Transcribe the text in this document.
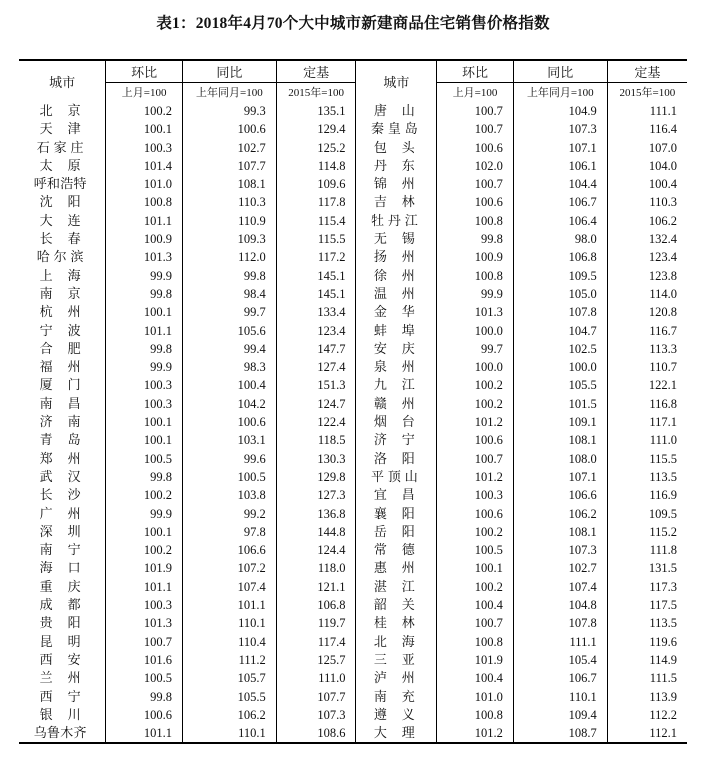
表1：2018年4月70个大中城市新建商品住宅销售价格指数
城市	环比	同比	定基	城市	环比	同比	定基
	上月=100	上年同月=100	2015年=100		上月=100	上年同月=100	2015年=100
北京	100.2	99.3	135.1	唐山	100.7	104.9	111.1
天津	100.1	100.6	129.4	秦皇岛	100.7	107.3	116.4
石家庄	100.3	102.7	125.2	包头	100.6	107.1	107.0
太原	101.4	107.7	114.8	丹东	102.0	106.1	104.0
呼和浩特	101.0	108.1	109.6	锦州	100.7	104.4	100.4
沈阳	100.8	110.3	117.8	吉林	100.6	106.7	110.3
大连	101.1	110.9	115.4	牡丹江	100.8	106.4	106.2
长春	100.9	109.3	115.5	无锡	99.8	98.0	132.4
哈尔滨	101.3	112.0	117.2	扬州	100.9	106.8	123.4
上海	99.9	99.8	145.1	徐州	100.8	109.5	123.8
南京	99.8	98.4	145.1	温州	99.9	105.0	114.0
杭州	100.1	99.7	133.4	金华	101.3	107.8	120.8
宁波	101.1	105.6	123.4	蚌埠	100.0	104.7	116.7
合肥	99.8	99.4	147.7	安庆	99.7	102.5	113.3
福州	99.9	98.3	127.4	泉州	100.0	100.0	110.7
厦门	100.3	100.4	151.3	九江	100.2	105.5	122.1
南昌	100.3	104.2	124.7	赣州	100.2	101.5	116.8
济南	100.1	100.6	122.4	烟台	101.2	109.1	117.1
青岛	100.1	103.1	118.5	济宁	100.6	108.1	111.0
郑州	100.5	99.6	130.3	洛阳	100.7	108.0	115.5
武汉	99.8	100.5	129.8	平顶山	101.2	107.1	113.5
长沙	100.2	103.8	127.3	宜昌	100.3	106.6	116.9
广州	99.9	99.2	136.8	襄阳	100.6	106.2	109.5
深圳	100.1	97.8	144.8	岳阳	100.2	108.1	115.2
南宁	100.2	106.6	124.4	常德	100.5	107.3	111.8
海口	101.9	107.2	118.0	惠州	100.1	102.7	131.5
重庆	101.1	107.4	121.1	湛江	100.2	107.4	117.3
成都	100.3	101.1	106.8	韶关	100.4	104.8	117.5
贵阳	101.3	110.1	119.7	桂林	100.7	107.8	113.5
昆明	100.7	110.4	117.4	北海	100.8	111.1	119.6
西安	101.6	111.2	125.7	三亚	101.9	105.4	114.9
兰州	100.5	105.7	111.0	泸州	100.4	106.7	111.5
西宁	99.8	105.5	107.7	南充	101.0	110.1	113.9
银川	100.6	106.2	107.3	遵义	100.8	109.4	112.2
乌鲁木齐	101.1	110.1	108.6	大理	101.2	108.7	112.1
